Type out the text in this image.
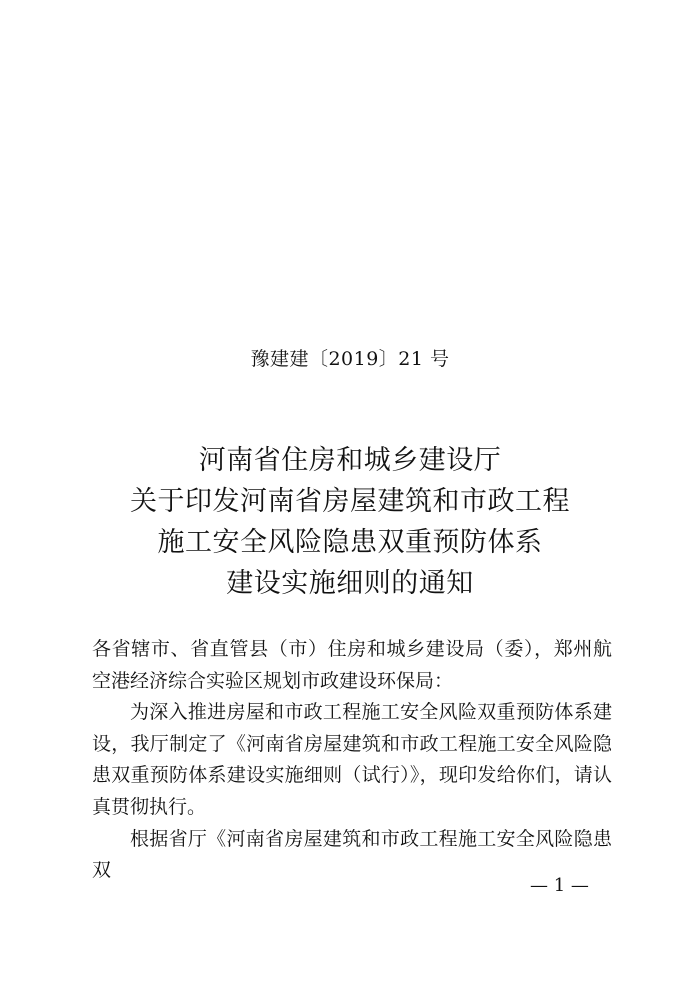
豫建建〔2019〕21 号
河南省住房和城乡建设厅
关于印发河南省房屋建筑和市政工程
施工安全风险隐患双重预防体系
建设实施细则的通知

各省辖市、省直管县（市）住房和城乡建设局（委），郑州航空港经济综合实验区规划市政建设环保局：

为深入推进房屋和市政工程施工安全风险双重预防体系建设，我厅制定了《河南省房屋建筑和市政工程施工安全风险隐患双重预防体系建设实施细则（试行）》，现印发给你们，请认真贯彻执行。

根据省厅《河南省房屋建筑和市政工程施工安全风险隐患双

— 1 —
